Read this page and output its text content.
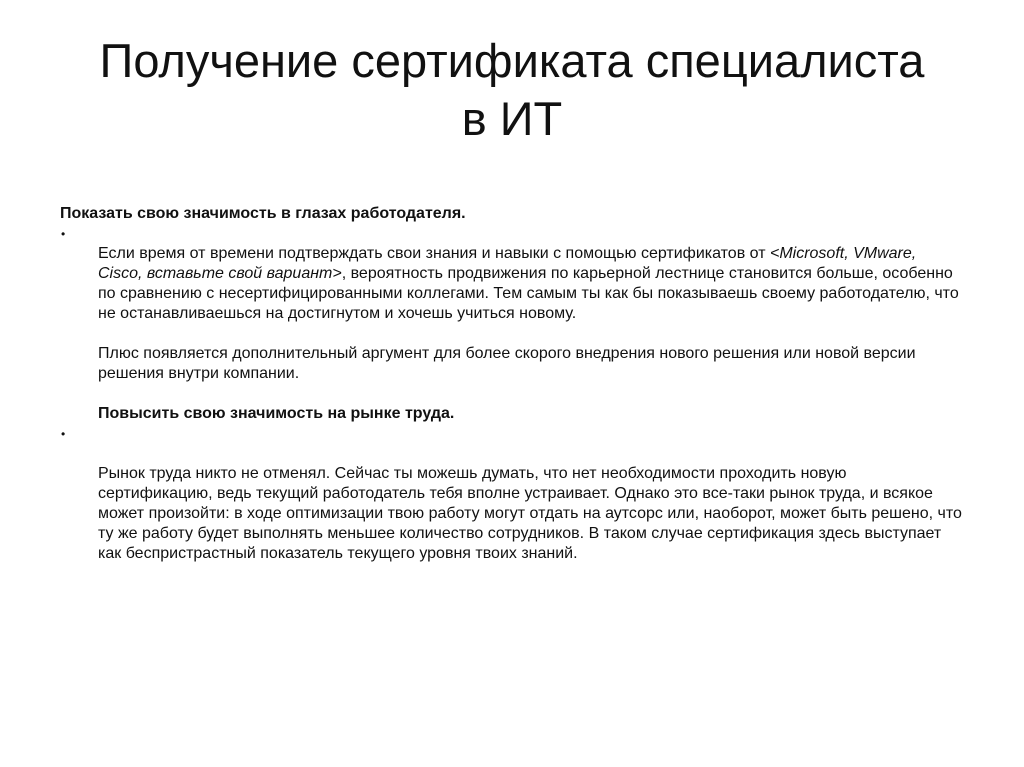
Получение сертификата специалиста
в ИТ

Показать свою значимость в глазах работодателя.

•

Если время от времени подтверждать свои знания и навыки с помощью сертификатов от <Microsoft, VMware, Cisco, вставьте свой вариант>, вероятность продвижения по карьерной лестнице становится больше, особенно по сравнению с несертифицированными коллегами. Тем самым ты как бы показываешь своему работодателю, что не останавливаешься на достигнутом и хочешь учиться новому.

Плюс появляется дополнительный аргумент для более скорого внедрения нового решения или новой версии решения внутри компании.

Повысить свою значимость на рынке труда.

•

Рынок труда никто не отменял. Сейчас ты можешь думать, что нет необходимости проходить новую сертификацию, ведь текущий работодатель тебя вполне устраивает. Однако это все-таки рынок труда, и всякое может произойти: в ходе оптимизации твою работу могут отдать на аутсорс или, наоборот, может быть решено, что ту же работу будет выполнять меньшее количество сотрудников. В таком случае сертификация здесь выступает как беспристрастный показатель текущего уровня твоих знаний.
